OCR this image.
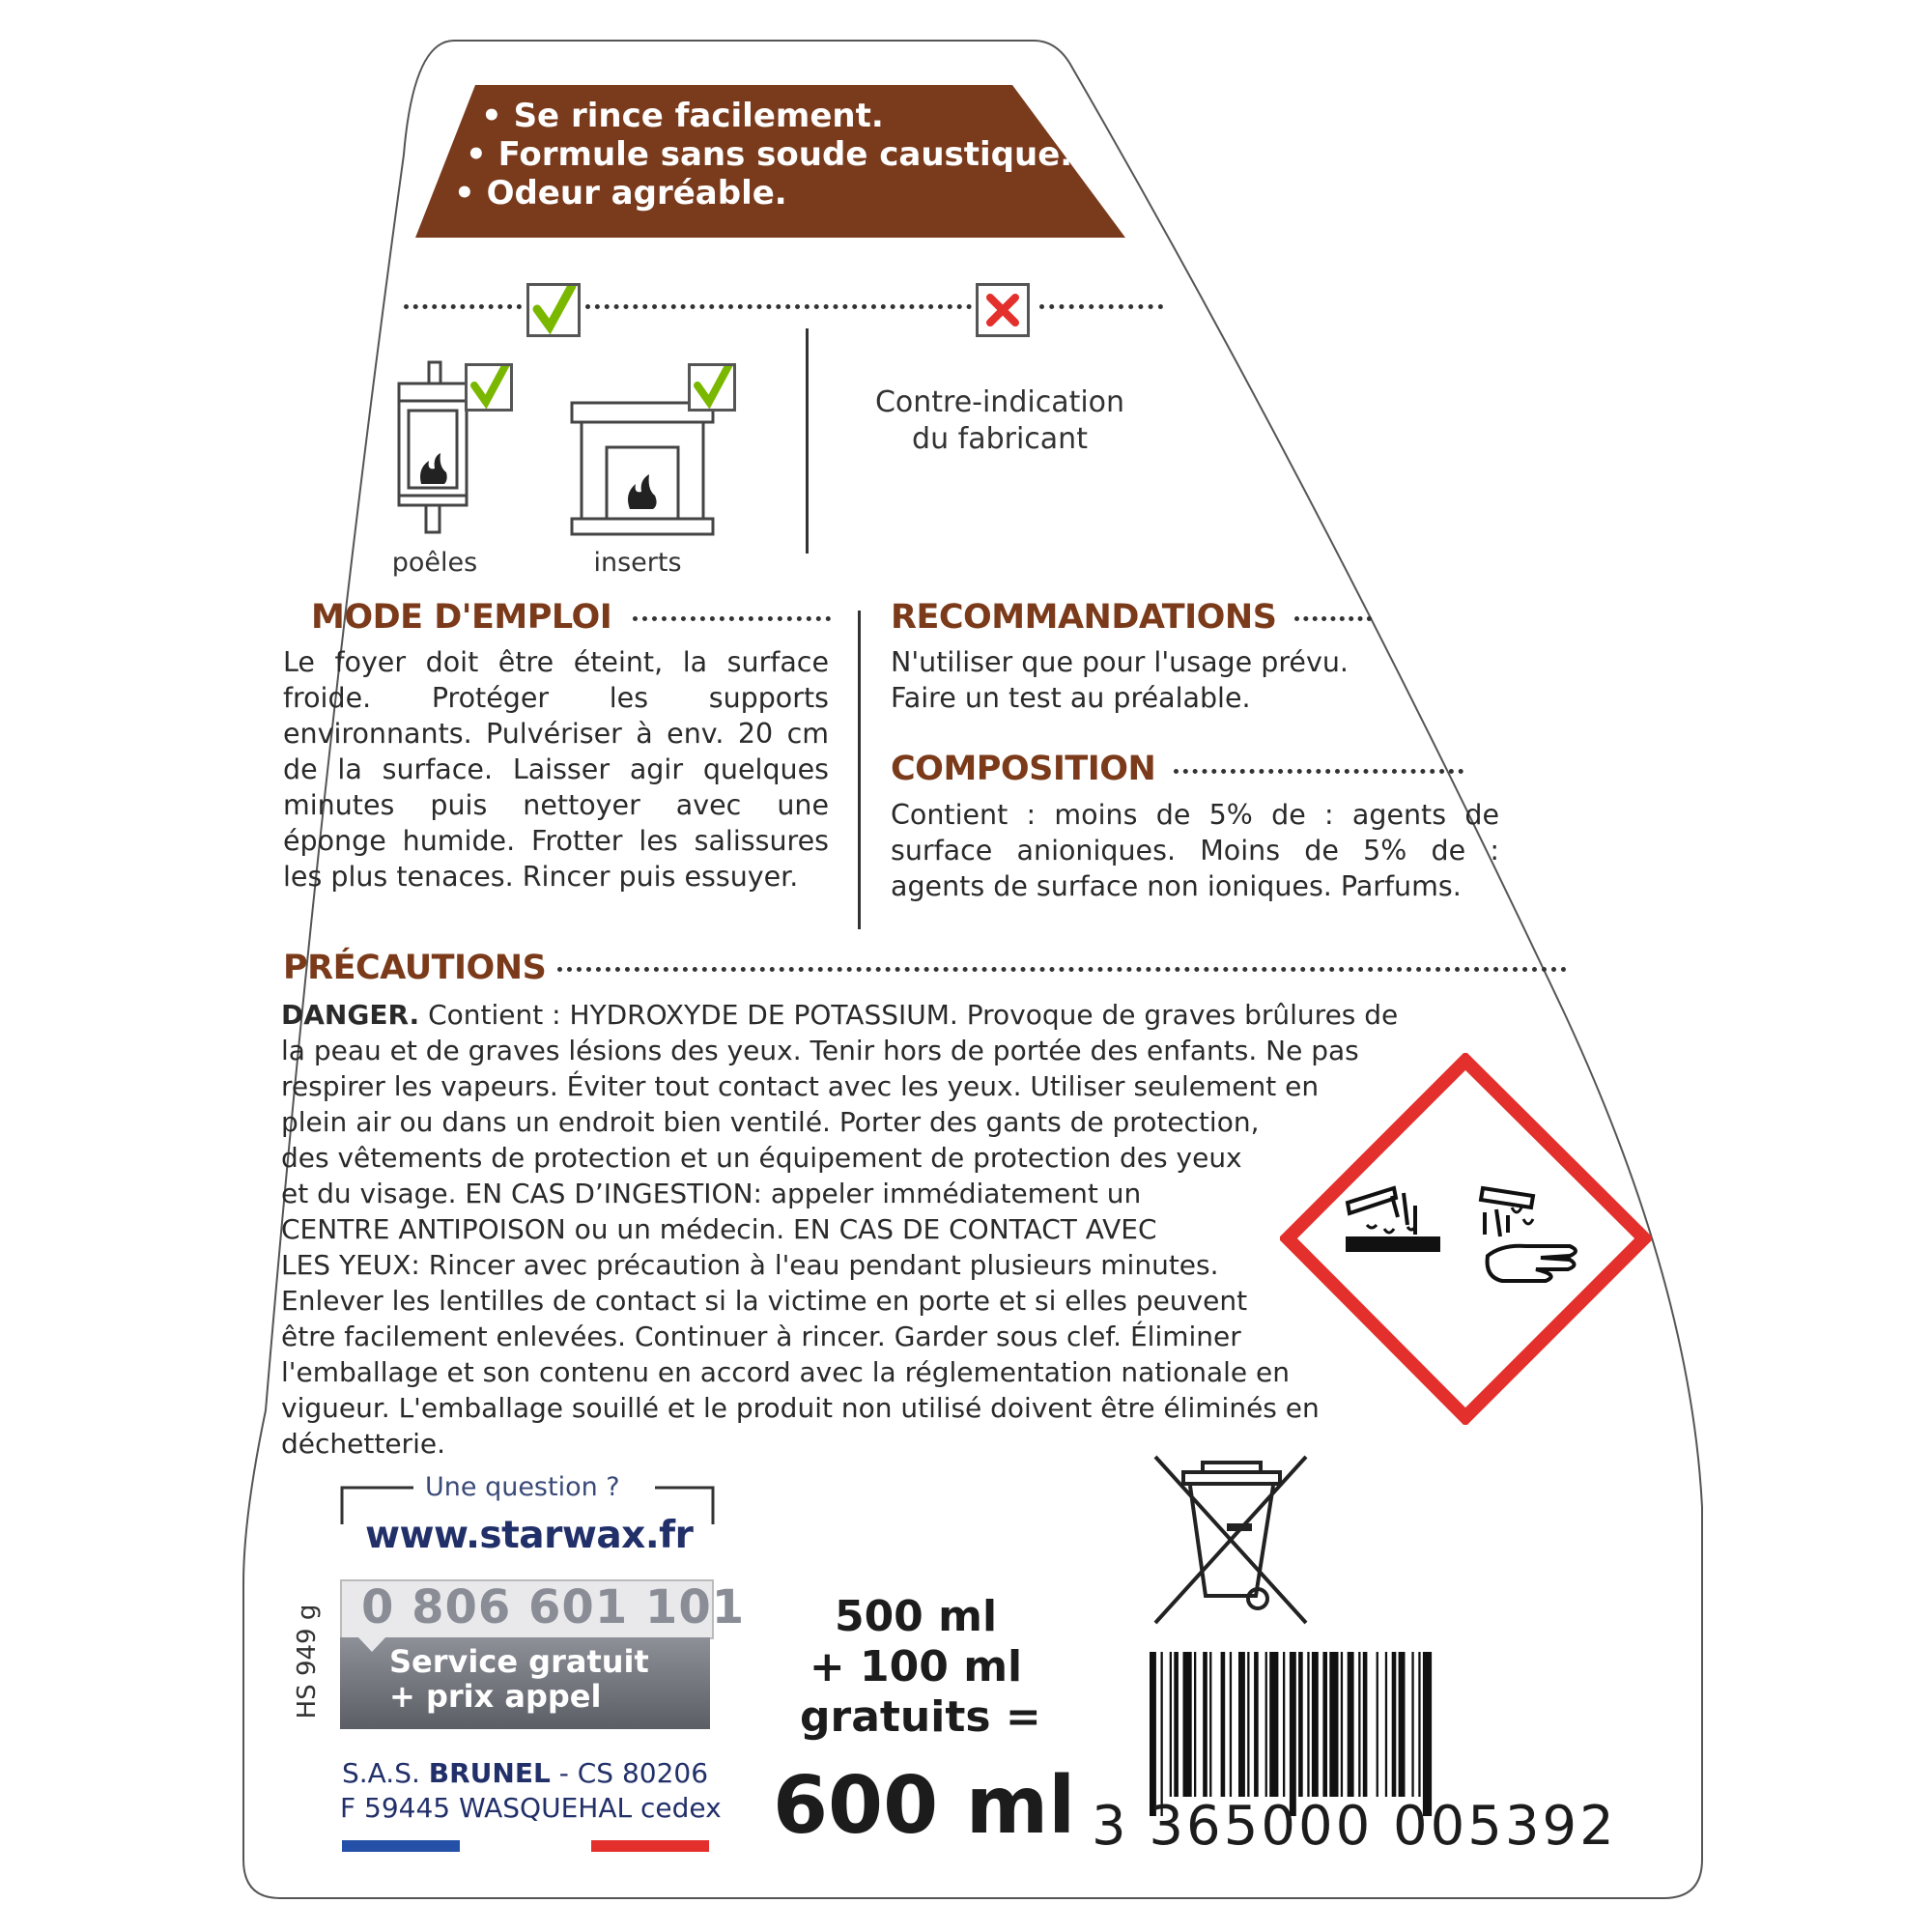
• Se rince facilement.
• Formule sans soude caustique.
• Odeur agréable.
poêles	inserts
Contre-indication
du fabricant
MODE D'EMPLOI

Le foyer doit être éteint, la surface froide. Protéger les supports environnants. Pulvériser à env. 20 cm de la surface. Laisser agir quelques minutes puis nettoyer avec une éponge humide. Frotter les salissures les plus tenaces. Rincer puis essuyer.

RECOMMANDATIONS

N'utiliser que pour l'usage prévu. Faire un test au préalable.

COMPOSITION

Contient : moins de 5% de : agents de surface anioniques. Moins de 5% de : agents de surface non ioniques. Parfums.

PRÉCAUTIONS
DANGER. Contient : HYDROXYDE DE POTASSIUM. Provoque de graves brûlures de
la peau et de graves lésions des yeux. Tenir hors de portée des enfants. Ne pas
respirer les vapeurs. Éviter tout contact avec les yeux. Utiliser seulement en
plein air ou dans un endroit bien ventilé. Porter des gants de protection,
des vêtements de protection et un équipement de protection des yeux
et du visage. EN CAS D’INGESTION: appeler immédiatement un
CENTRE ANTIPOISON ou un médecin. EN CAS DE CONTACT AVEC
LES YEUX: Rincer avec précaution à l'eau pendant plusieurs minutes.
Enlever les lentilles de contact si la victime en porte et si elles peuvent
être facilement enlevées. Continuer à rincer. Garder sous clef. Éliminer
l'emballage et son contenu en accord avec la réglementation nationale en
vigueur. L'emballage souillé et le produit non utilisé doivent être éliminés en
déchetterie.
Une question ?
www.starwax.fr
HS 949 g 0 806 601 101
Service gratuit
+ prix appel
S.A.S. BRUNEL - CS 80206
F 59445 WASQUEHAL cedex
500 ml
+ 100 ml
gratuits =
600 ml 3 365000 005392
